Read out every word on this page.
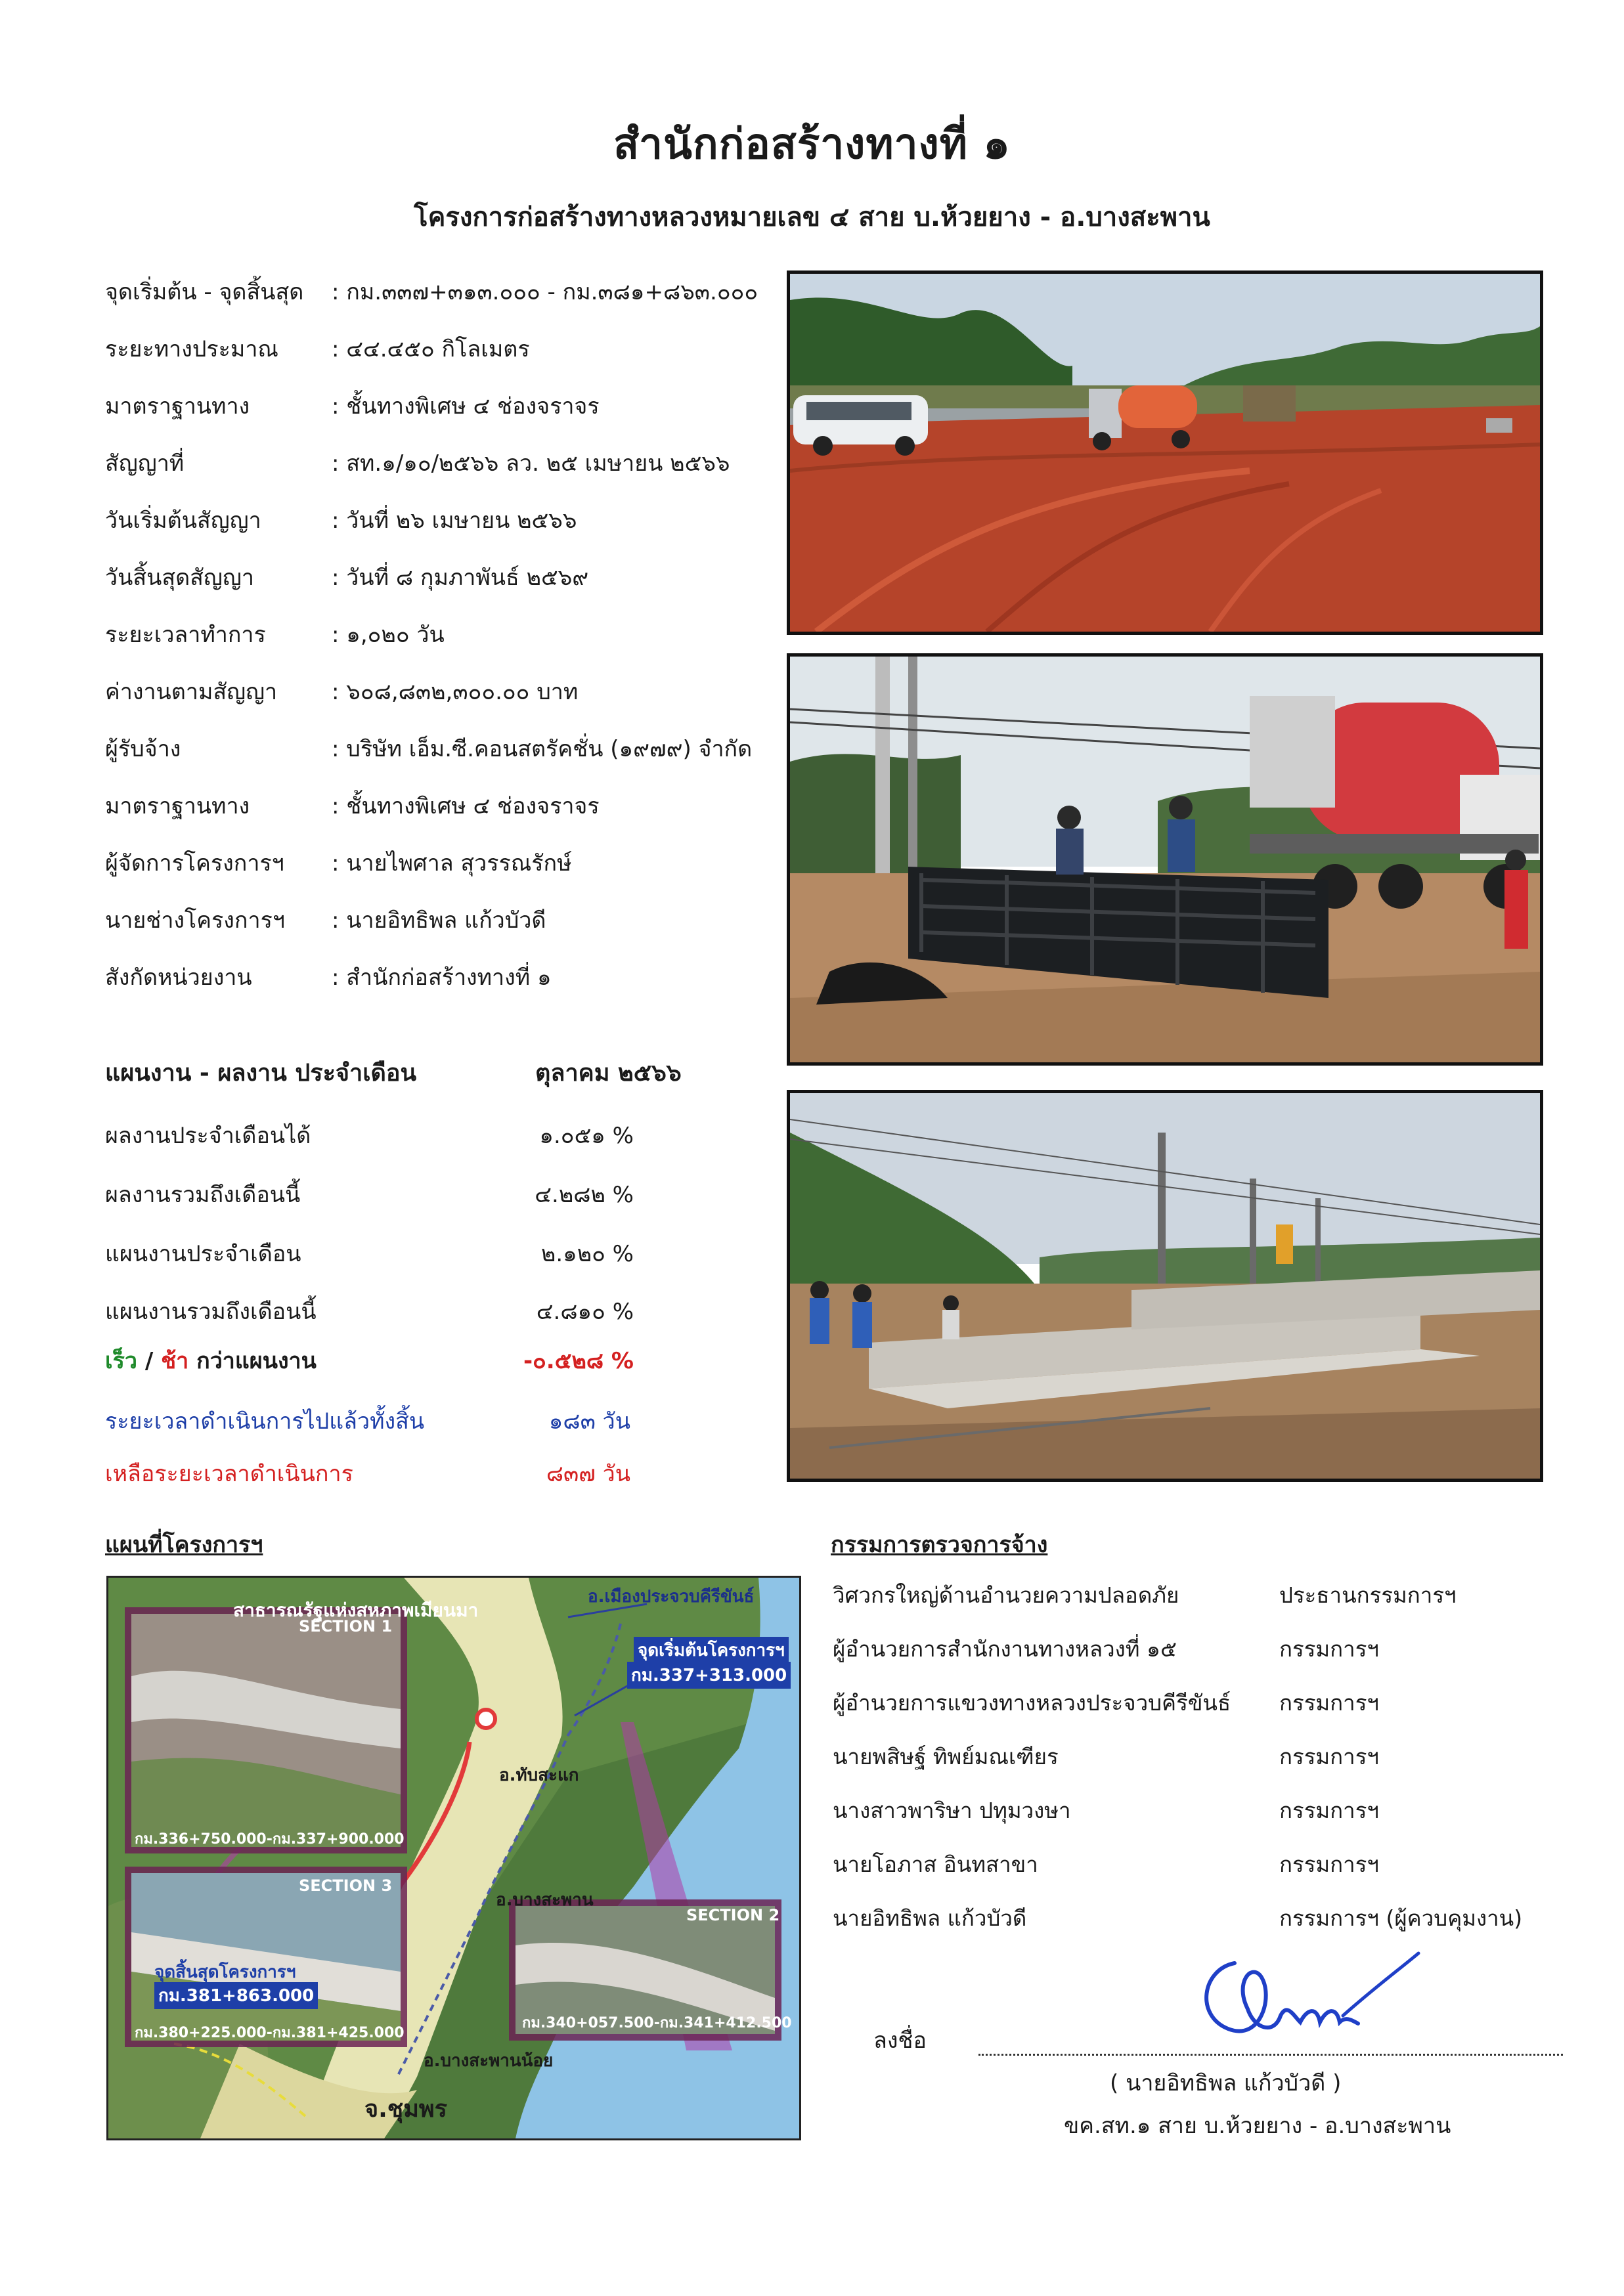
สำนักก่อสร้างทางที่ ๑
โครงการก่อสร้างทางหลวงหมายเลข ๔ สาย บ.ห้วยยาง - อ.บางสะพาน
จุดเริ่มต้น - จุดสิ้นสุด	: กม.๓๓๗+๓๑๓.๐๐๐ - กม.๓๘๑+๘๖๓.๐๐๐
ระยะทางประมาณ	: ๔๔.๔๕๐ กิโลเมตร
มาตราฐานทาง	: ชั้นทางพิเศษ ๔ ช่องจราจร
สัญญาที่	: สท.๑/๑๐/๒๕๖๖ ลว. ๒๕ เมษายน ๒๕๖๖
วันเริ่มต้นสัญญา	: วันที่ ๒๖ เมษายน ๒๕๖๖
วันสิ้นสุดสัญญา	: วันที่ ๘ กุมภาพันธ์ ๒๕๖๙
ระยะเวลาทำการ	: ๑,๐๒๐ วัน
ค่างานตามสัญญา	: ๖๐๘,๘๓๒,๓๐๐.๐๐ บาท
ผู้รับจ้าง	: บริษัท เอ็ม.ซี.คอนสตรัคชั่น (๑๙๗๙) จำกัด
มาตราฐานทาง	: ชั้นทางพิเศษ ๔ ช่องจราจร
ผู้จัดการโครงการฯ	: นายไพศาล สุวรรณรักษ์
นายช่างโครงการฯ	: นายอิทธิพล แก้วบัวดี
สังกัดหน่วยงาน	: สำนักก่อสร้างทางที่ ๑
แผนงาน - ผลงาน ประจำเดือน	ตุลาคม ๒๕๖๖
ผลงานประจำเดือนได้	๑.๐๕๑ %
ผลงานรวมถึงเดือนนี้	๔.๒๘๒ %
แผนงานประจำเดือน	๒.๑๒๐ %
แผนงานรวมถึงเดือนนี้	๔.๘๑๐ %
เร็ว / ช้า กว่าแผนงาน	-๐.๕๒๘ %
ระยะเวลาดำเนินการไปแล้วทั้งสิ้น	๑๘๓ วัน
เหลือระยะเวลาดำเนินการ	๘๓๗ วัน
แผนที่โครงการฯ
สาธารณรัฐแห่งสหภาพเมียนมา
อ.เมืองประจวบคีรีขันธ์
จุดเริ่มต้นโครงการฯ
กม.337+313.000
อ.ทับสะแก
อ.บางสะพาน
อ.บางสะพานน้อย
จ.ชุมพร
จุดสิ้นสุดโครงการฯ
กม.381+863.000
SECTION 1
กม.336+750.000-กม.337+900.000
SECTION 3
กม.380+225.000-กม.381+425.000
SECTION 2
กม.340+057.500-กม.341+412.500
กรรมการตรวจการจ้าง
วิศวกรใหญ่ด้านอำนวยความปลอดภัย	ประธานกรรมการฯ
ผู้อำนวยการสำนักงานทางหลวงที่ ๑๕	กรรมการฯ
ผู้อำนวยการแขวงทางหลวงประจวบคีรีขันธ์ กรรมการฯ
นายพสิษฐ์ ทิพย์มณเฑียร	กรรมการฯ
นางสาวพาริษา ปทุมวงษา	กรรมการฯ
นายโอภาส อินทสาขา	กรรมการฯ
นายอิทธิพล แก้วบัวดี	กรรมการฯ (ผู้ควบคุมงาน)
ลงชื่อ
( นายอิทธิพล แก้วบัวดี )
ขค.สท.๑ สาย บ.ห้วยยาง - อ.บางสะพาน
